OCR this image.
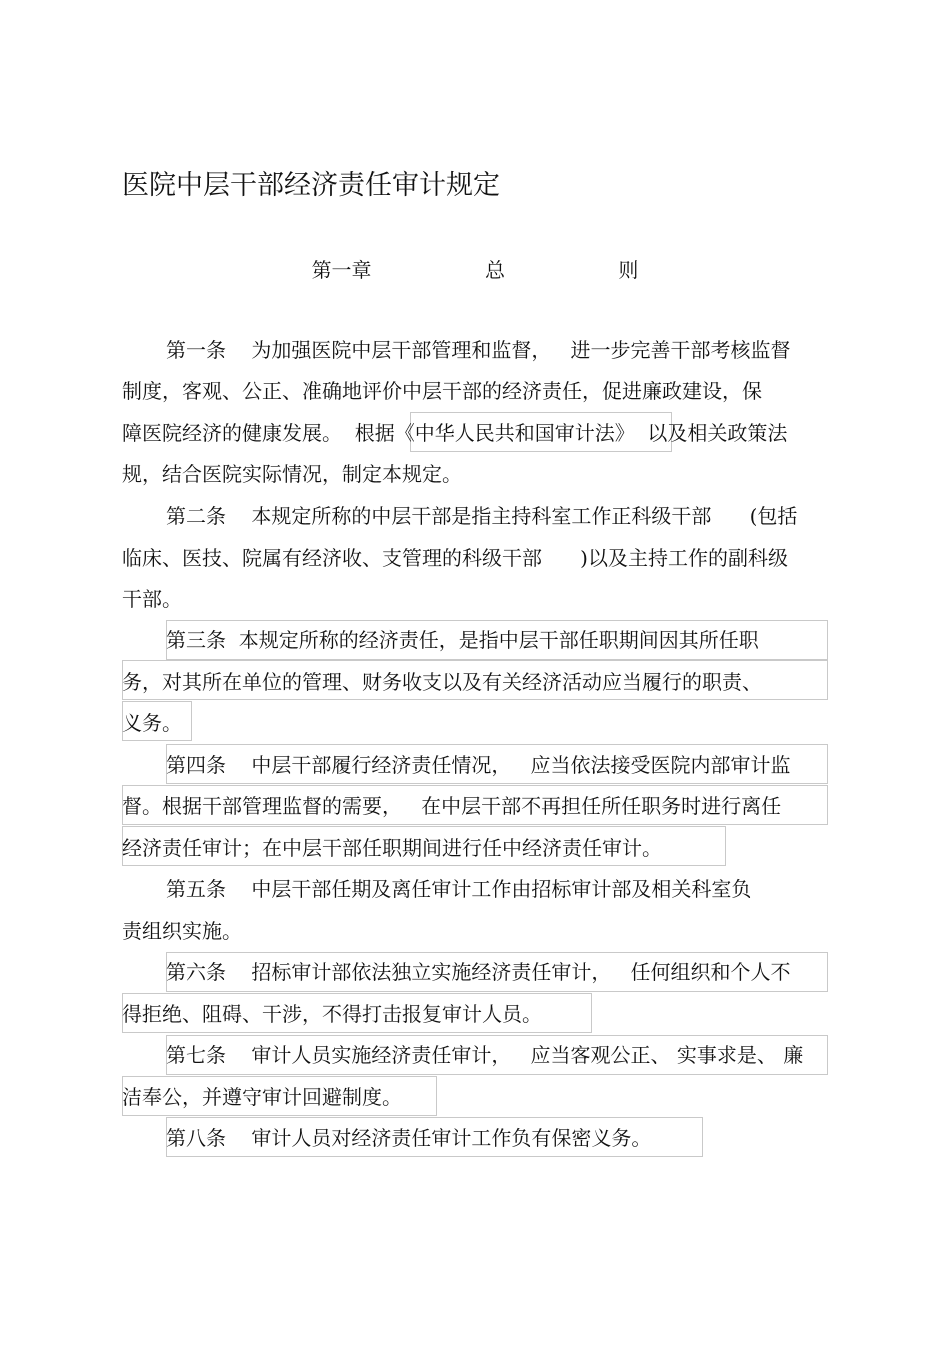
医院中层干部经济责任审计规定
第一章    总    则
第一条    为加强医院中层干部管理和监督，   进一步完善干部考核监督
制度，客观、公正、准确地评价中层干部的经济责任，促进廉政建设，保
障医院经济的健康发展。  根据《中华人民共和国审计法》  以及相关政策法
规，结合医院实际情况，制定本规定。
第二条    本规定所称的中层干部是指主持科室工作正科级干部      (包括
临床、医技、院属有经济收、支管理的科级干部      )以及主持工作的副科级
干部。
第三条  本规定所称的经济责任，是指中层干部任职期间因其所任职
务，对其所在单位的管理、财务收支以及有关经济活动应当履行的职责、
义务。
第四条    中层干部履行经济责任情况，   应当依法接受医院内部审计监
督。根据干部管理监督的需要，   在中层干部不再担任所任职务时进行离任
经济责任审计；在中层干部任职期间进行任中经济责任审计。
第五条    中层干部任期及离任审计工作由招标审计部及相关科室负
责组织实施。
第六条    招标审计部依法独立实施经济责任审计，   任何组织和个人不
得拒绝、阻碍、干涉，不得打击报复审计人员。
第七条    审计人员实施经济责任审计，   应当客观公正、 实事求是、 廉
洁奉公，并遵守审计回避制度。
第八条    审计人员对经济责任审计工作负有保密义务。
